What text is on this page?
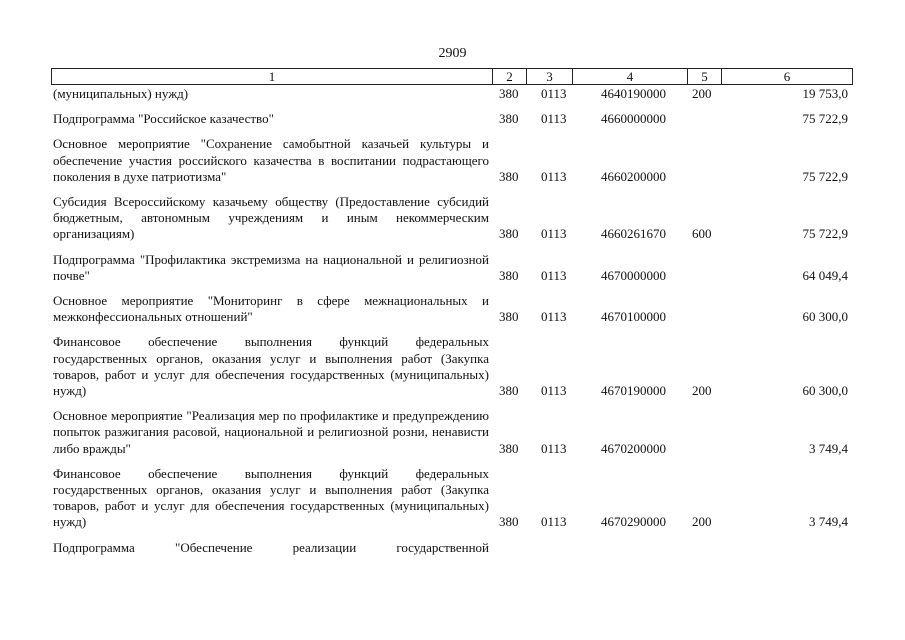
2909
1	2	3	4	5	6
(муниципальных) нужд)	380 0113	4640190000 200	19 753,0
Подпрограмма "Российское казачество"	380 0113	4660000000	75 722,9
Основное мероприятие "Сохранение самобытной казачьей культуры и обеспечение участия российского казачества в воспитании подрастающего поколения в духе патриотизма"	380 0113	4660200000	75 722,9
Субсидия Всероссийскому казачьему обществу (Предоставление субсидий бюджетным, автономным учреждениям и иным некоммерческим организациям)	380 0113	4660261670 600	75 722,9
Подпрограмма "Профилактика экстремизма на национальной и религиозной почве"	380 0113	4670000000	64 049,4
Основное мероприятие "Мониторинг в сфере межнациональных и межконфессиональных отношений"	380 0113	4670100000	60 300,0
Финансовое обеспечение выполнения функций федеральных государственных органов, оказания услуг и выполнения работ (Закупка товаров, работ и услуг для обеспечения государственных (муниципальных) нужд)	380 0113	4670190000 200	60 300,0
Основное мероприятие "Реализация мер по профилактике и предупреждению попыток разжигания расовой, национальной и религиозной розни, ненависти либо вражды"	380 0113	4670200000	3 749,4
Финансовое обеспечение выполнения функций федеральных государственных органов, оказания услуг и выполнения работ (Закупка товаров, работ и услуг для обеспечения государственных (муниципальных) нужд)	380 0113	4670290000 200	3 749,4
Подпрограмма "Обеспечение реализации государственной
